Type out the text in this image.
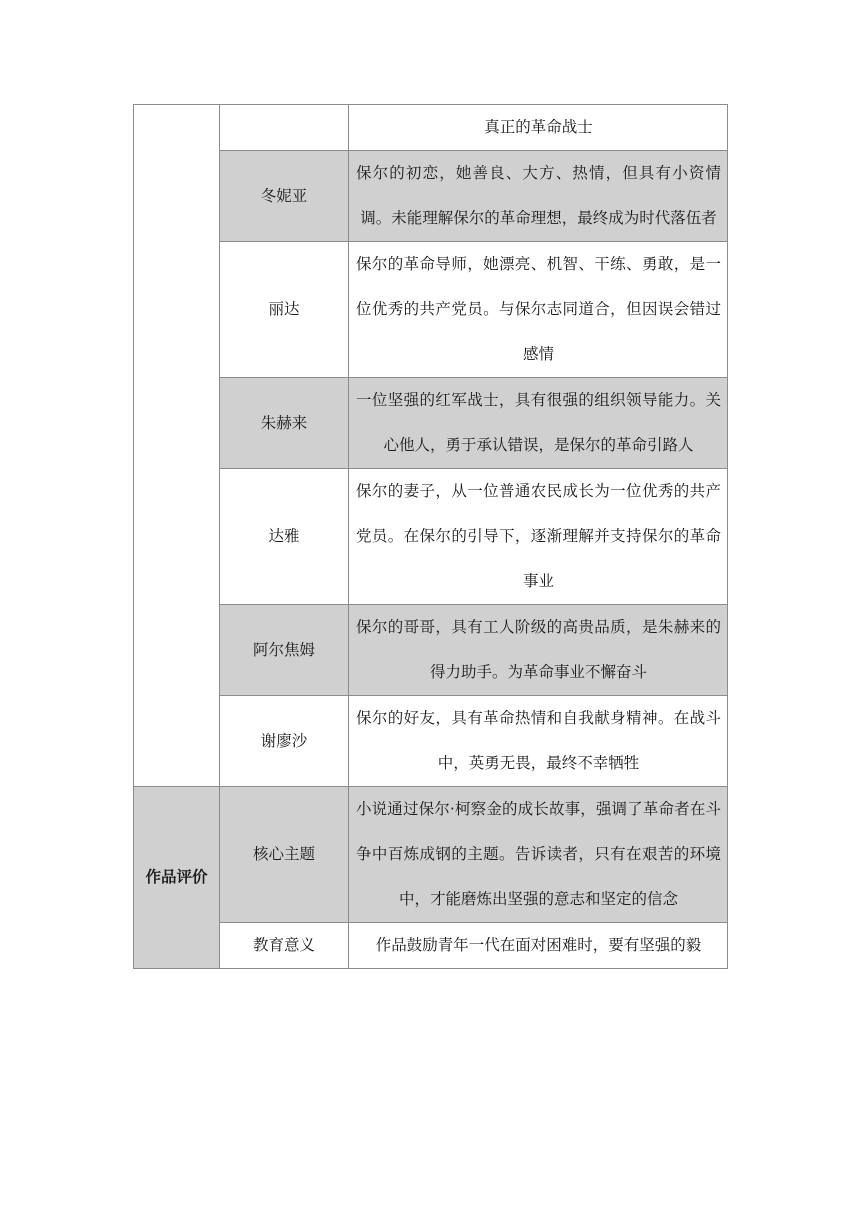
		真正的革命战士
	冬妮亚	保尔的初恋，她善良、大方、热情，但具有小资情调。未能理解保尔的革命理想，最终成为时代落伍者
	丽达	保尔的革命导师，她漂亮、机智、干练、勇敢，是一位优秀的共产党员。与保尔志同道合，但因误会错过感情
	朱赫来	一位坚强的红军战士，具有很强的组织领导能力。关心他人，勇于承认错误，是保尔的革命引路人
	达雅	保尔的妻子，从一位普通农民成长为一位优秀的共产党员。在保尔的引导下，逐渐理解并支持保尔的革命事业
	阿尔焦姆	保尔的哥哥，具有工人阶级的高贵品质，是朱赫来的得力助手。为革命事业不懈奋斗
	谢廖沙	保尔的好友，具有革命热情和自我献身精神。在战斗中，英勇无畏，最终不幸牺牲
作品评价	核心主题	小说通过保尔·柯察金的成长故事，强调了革命者在斗争中百炼成钢的主题。告诉读者，只有在艰苦的环境中，才能磨炼出坚强的意志和坚定的信念
	教育意义	作品鼓励青年一代在面对困难时，要有坚强的毅
